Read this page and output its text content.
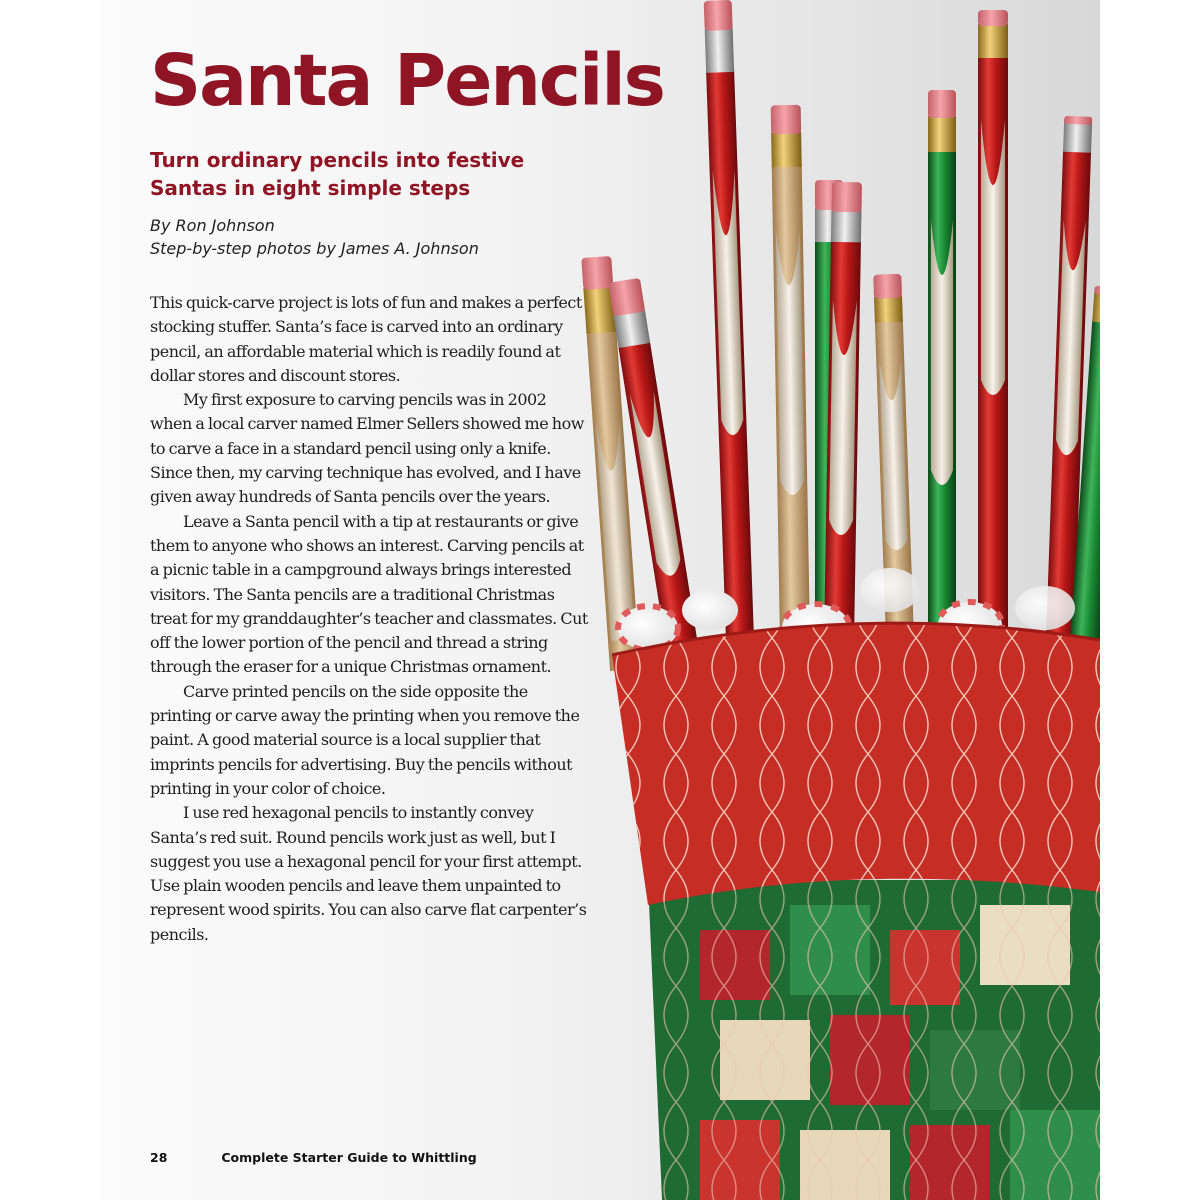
Santa Pencils
Turn ordinary pencils into festive
Santas in eight simple steps
By Ron Johnson
Step-by-step photos by James A. Johnson

This quick-carve project is lots of fun and makes a perfect stocking stuffer. Santa’s face is carved into an ordinary pencil, an affordable material which is readily found at dollar stores and discount stores.

My first exposure to carving pencils was in 2002 when a local carver named Elmer Sellers showed me how to carve a face in a standard pencil using only a knife. Since then, my carving technique has evolved, and I have given away hundreds of Santa pencils over the years.

Leave a Santa pencil with a tip at restaurants or give them to anyone who shows an interest. Carving pencils at a picnic table in a campground always brings interested visitors. The Santa pencils are a traditional Christmas treat for my granddaughter’s teacher and classmates. Cut off the lower portion of the pencil and thread a string through the eraser for a unique Christmas ornament.

Carve printed pencils on the side opposite the printing or carve away the printing when you remove the paint. A good material source is a local supplier that imprints pencils for advertising. Buy the pencils without printing in your color of choice.

I use red hexagonal pencils to instantly convey Santa’s red suit. Round pencils work just as well, but I suggest you use a hexagonal pencil for your first attempt. Use plain wooden pencils and leave them unpainted to represent wood spirits. You can also carve flat carpenter’s pencils.

28	Complete Starter Guide to Whittling
